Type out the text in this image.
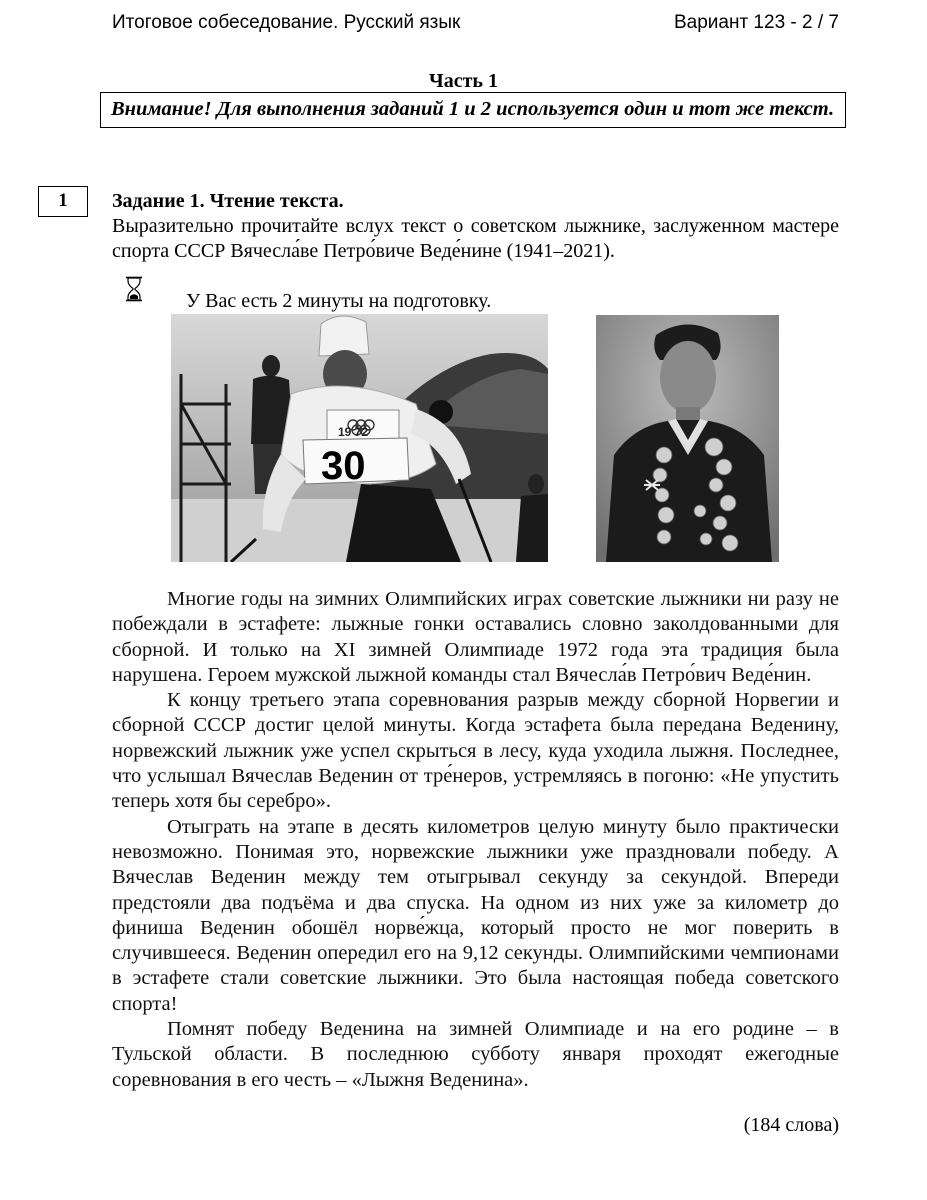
Итоговое собеседование. Русский язык	Вариант 123 - 2 / 7
Часть 1
Внимание! Для выполнения заданий 1 и 2 используется один и тот же текст.
1	Задание 1. Чтение текста.
Выразительно прочитайте вслух текст о советском лыжнике, заслуженном мастере спорта СССР Вячесла́ве Петро́виче Веде́нине (1941–2021).
У Вас есть 2 минуты на подготовку.
19 72
30

Многие годы на зимних Олимпийских играх советские лыжники ни разу не побеждали в эстафете: лыжные гонки оставались словно заколдованными для сборной. И только на XI зимней Олимпиаде 1972 года эта традиция была нарушена. Героем мужской лыжной команды стал Вячесла́в Петро́вич Веде́нин.

К концу третьего этапа соревнования разрыв между сборной Норвегии и сборной СССР достиг целой минуты. Когда эстафета была передана Веденину, норвежский лыжник уже успел скрыться в лесу, куда уходила лыжня. Последнее, что услышал Вячеслав Веденин от тре́неров, устремляясь в погоню: «Не упустить теперь хотя бы серебро».

Отыграть на этапе в десять километров целую минуту было практически невозможно. Понимая это, норвежские лыжники уже праздновали победу. А Вячеслав Веденин между тем отыгрывал секунду за секундой. Впереди предстояли два подъёма и два спуска. На одном из них уже за километр до финиша Веденин обошёл норве́жца, который просто не мог поверить в случившееся. Веденин опередил его на 9,12 секунды. Олимпийскими чемпионами в эстафете стали советские лыжники. Это была настоящая победа советского спорта!

Помнят победу Веденина на зимней Олимпиаде и на его родине – в Тульской области. В последнюю субботу января проходят ежегодные соревнования в его честь – «Лыжня Веденина».

(184 слова)
